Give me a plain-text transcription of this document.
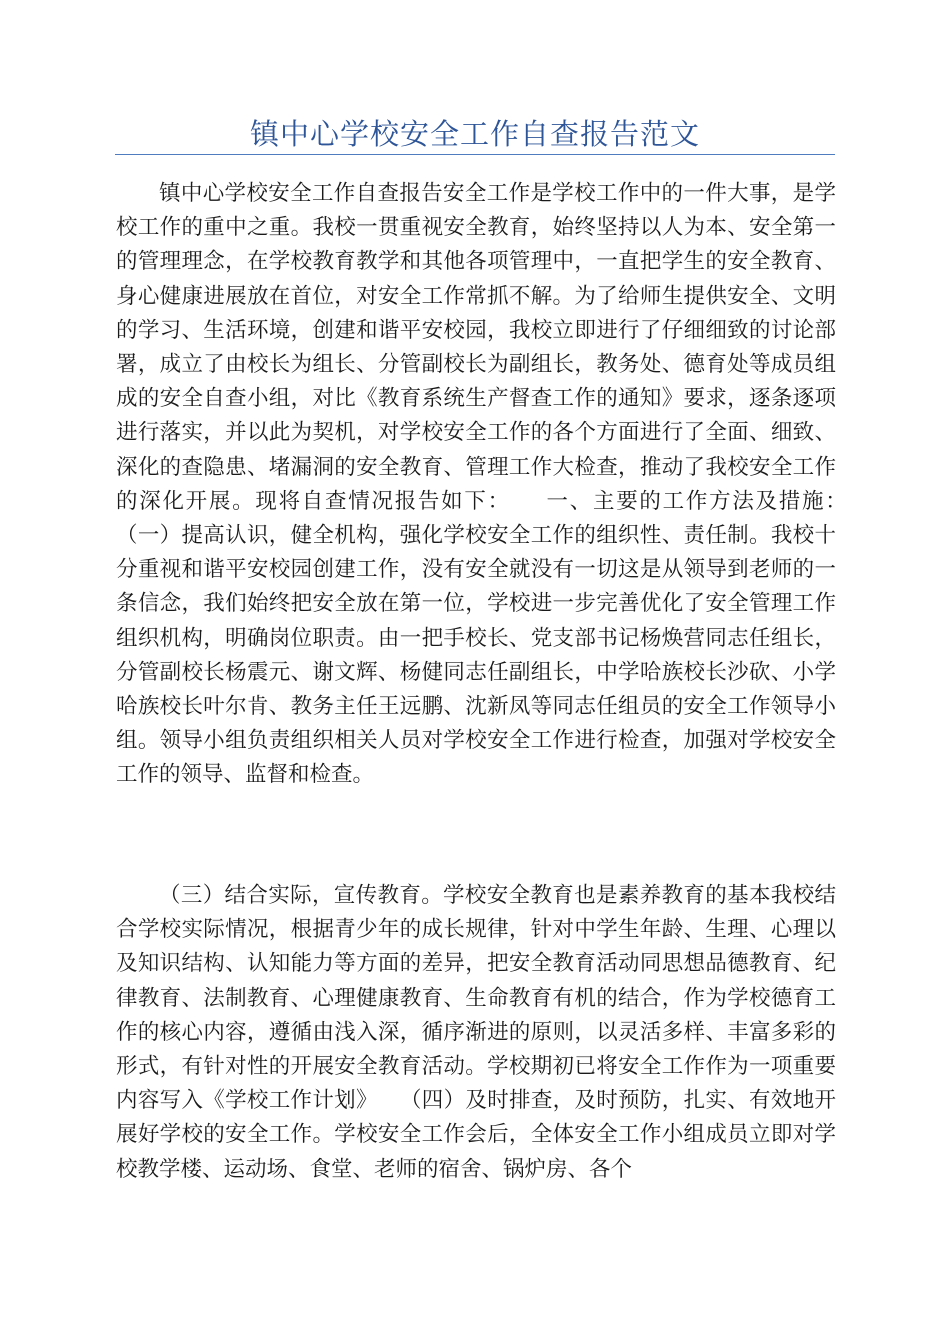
镇中心学校安全工作自查报告范文

镇中心学校安全工作自查报告安全工作是学校工作中的一件大事，是学校工作的重中之重。我校一贯重视安全教育，始终坚持以人为本、安全第一的管理理念，在学校教育教学和其他各项管理中，一直把学生的安全教育、身心健康进展放在首位，对安全工作常抓不解。为了给师生提供安全、文明的学习、生活环境，创建和谐平安校园，我校立即进行了仔细细致的讨论部署，成立了由校长为组长、分管副校长为副组长，教务处、德育处等成员组成的安全自查小组，对比《教育系统生产督查工作的通知》要求，逐条逐项进行落实，并以此为契机，对学校安全工作的各个方面进行了全面、细致、深化的查隐患、堵漏洞的安全教育、管理工作大检查，推动了我校安全工作的深化开展。现将自查情况报告如下：　　一、主要的工作方法及措施：　　（一）提高认识，健全机构，强化学校安全工作的组织性、责任制。我校十分重视和谐平安校园创建工作，没有安全就没有一切这是从领导到老师的一条信念，我们始终把安全放在第一位，学校进一步完善优化了安全管理工作组织机构，明确岗位职责。由一把手校长、党支部书记杨焕营同志任组长，分管副校长杨震元、谢文辉、杨健同志任副组长，中学哈族校长沙砍、小学哈族校长叶尔肯、教务主任王远鹏、沈新凤等同志任组员的安全工作领导小组。领导小组负责组织相关人员对学校安全工作进行检查，加强对学校安全工作的领导、监督和检查。

（三）结合实际，宣传教育。学校安全教育也是素养教育的基本我校结合学校实际情况，根据青少年的成长规律，针对中学生年龄、生理、心理以及知识结构、认知能力等方面的差异，把安全教育活动同思想品德教育、纪律教育、法制教育、心理健康教育、生命教育有机的结合，作为学校德育工作的核心内容，遵循由浅入深，循序渐进的原则，以灵活多样、丰富多彩的形式，有针对性的开展安全教育活动。学校期初已将安全工作作为一项重要内容写入《学校工作计划》　　（四）及时排查，及时预防，扎实、有效地开展好学校的安全工作。学校安全工作会后，全体安全工作小组成员立即对学校教学楼、运动场、食堂、老师的宿舍、锅炉房、各个
